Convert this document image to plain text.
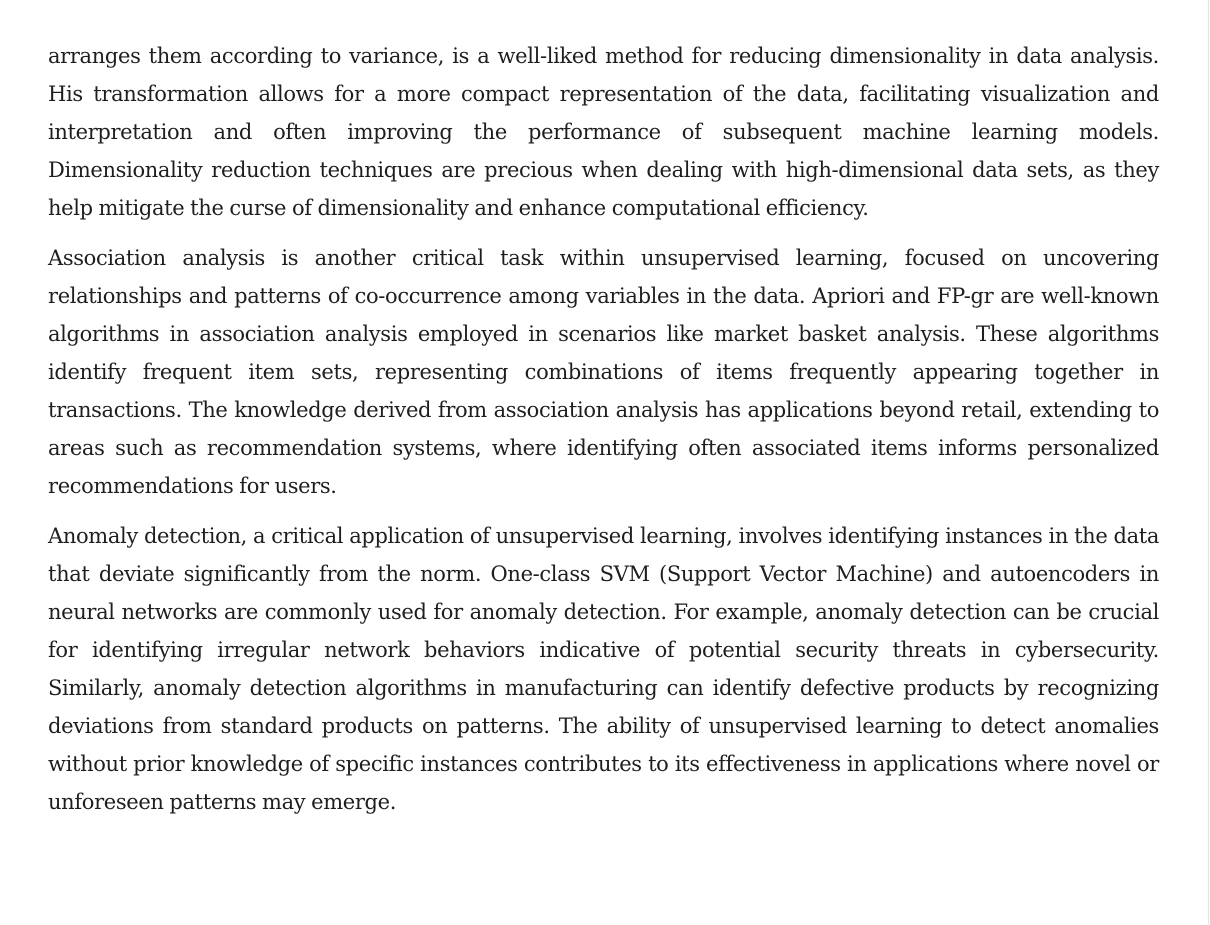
arranges them according to variance, is a well-liked method for reducing dimensionality in data analysis. His transformation allows for a more compact representation of the data, facilitating visualization and interpretation and often improving the performance of subsequent machine learning models. Dimensionality reduction techniques are precious when dealing with high-dimensional data sets, as they help mitigate the curse of dimensionality and enhance computational efficiency.

Association analysis is another critical task within unsupervised learning, focused on uncovering relationships and patterns of co-occurrence among variables in the data. Apriori and FP-gr are well-known algorithms in association analysis employed in scenarios like market basket analysis. These algorithms identify frequent item sets, representing combinations of items frequently appearing together in transactions. The knowledge derived from association analysis has applications beyond retail, extending to areas such as recommendation systems, where identifying often associated items informs personalized recommendations for users.

Anomaly detection, a critical application of unsupervised learning, involves identifying instances in the data that deviate significantly from the norm. One-class SVM (Support Vector Machine) and autoencoders in neural networks are commonly used for anomaly detection. For example, anomaly detection can be crucial for identifying irregular network behaviors indicative of potential security threats in cybersecurity. Similarly, anomaly detection algorithms in manufacturing can identify defective products by recognizing deviations from standard products on patterns. The ability of unsupervised learning to detect anomalies without prior knowledge of specific instances contributes to its effectiveness in applications where novel or unforeseen patterns may emerge.
